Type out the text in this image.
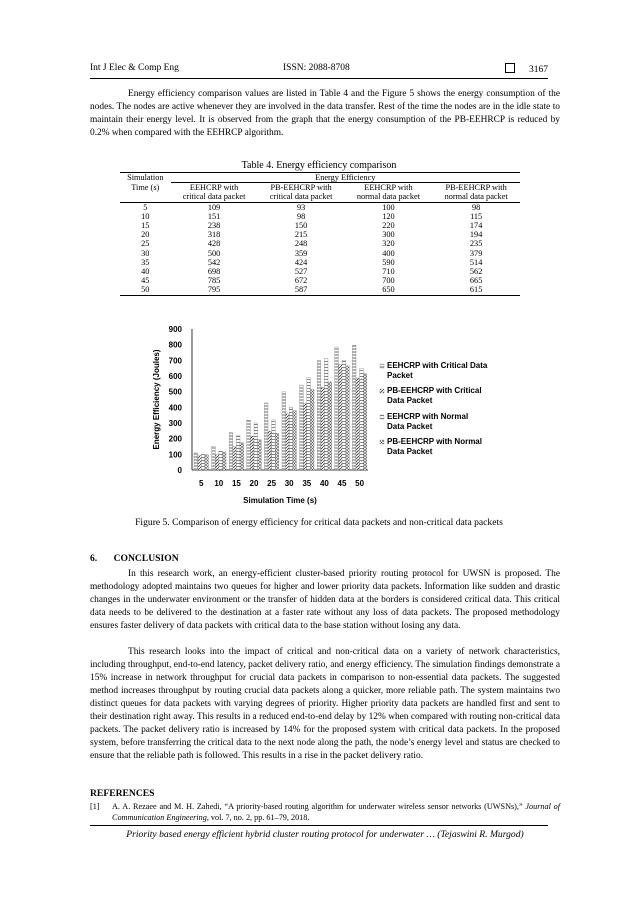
Int J Elec & Comp Eng	ISSN: 2088-8708	3167

Energy efficiency comparison values are listed in Table 4 and the Figure 5 shows the energy consumption of the nodes. The nodes are active whenever they are involved in the data transfer. Rest of the time the nodes are in the idle state to maintain their energy level. It is observed from the graph that the energy consumption of the PB-EEHRCP is reduced by 0.2% when compared with the EEHRCP algorithm.

Table 4. Energy efficiency comparison
Simulation	Energy Efficiency			
Time (s)	EEHCRP with	PB-EEHCRP with	EEHCRP with	PB-EEHCRP with
	critical data packet	critical data packet	normal data packet	normal data packet
5	109	93	100	98
10	151	98	120	115
15	238	150	220	174
20	318	215	300	194
25	428	248	320	235
30	500	359	400	379
35	542	424	590	514
40	698	527	710	562
45	785	672	700	665
50	795	587	650	615
0
100
200
300
400
500
600
700
800
900
5 10 15 20 25 30 35 40 45 50
Simulation Time (s)
Energy Efficiency (Joules)	EEHCRP with Critical Data Packet
PB-EEHCRP with Critical Data Packet
EEHCRP with Normal Data Packet
PB-EEHCRP with Normal Data Packet
Figure 5. Comparison of energy efficiency for critical data packets and non-critical data packets
6. CONCLUSION

In this research work, an energy-efficient cluster-based priority routing protocol for UWSN is proposed. The methodology adopted maintains two queues for higher and lower priority data packets. Information like sudden and drastic changes in the underwater environment or the transfer of hidden data at the borders is considered critical data. This critical data needs to be delivered to the destination at a faster rate without any loss of data packets. The proposed methodology ensures faster delivery of data packets with critical data to the base station without losing any data.

This research looks into the impact of critical and non-critical data on a variety of network characteristics, including throughput, end-to-end latency, packet delivery ratio, and energy efficiency. The simulation findings demonstrate a 15% increase in network throughput for crucial data packets in comparison to non-essential data packets. The suggested method increases throughput by routing crucial data packets along a quicker, more reliable path. The system maintains two distinct queues for data packets with varying degrees of priority. Higher priority data packets are handled first and sent to their destination right away. This results in a reduced end-to-end delay by 12% when compared with routing non-critical data packets. The packet delivery ratio is increased by 14% for the proposed system with critical data packets. In the proposed system, before transferring the critical data to the next node along the path, the node’s energy level and status are checked to ensure that the reliable path is followed. This results in a rise in the packet delivery ratio.

REFERENCES
[1] A. A. Rezaee and M. H. Zahedi, “A priority-based routing algorithm for underwater wireless sensor networks (UWSNs),” Journal of Communication Engineering, vol. 7, no. 2, pp. 61–79, 2018.
Priority based energy efficient hybrid cluster routing protocol for underwater … (Tejaswini R. Murgod)
